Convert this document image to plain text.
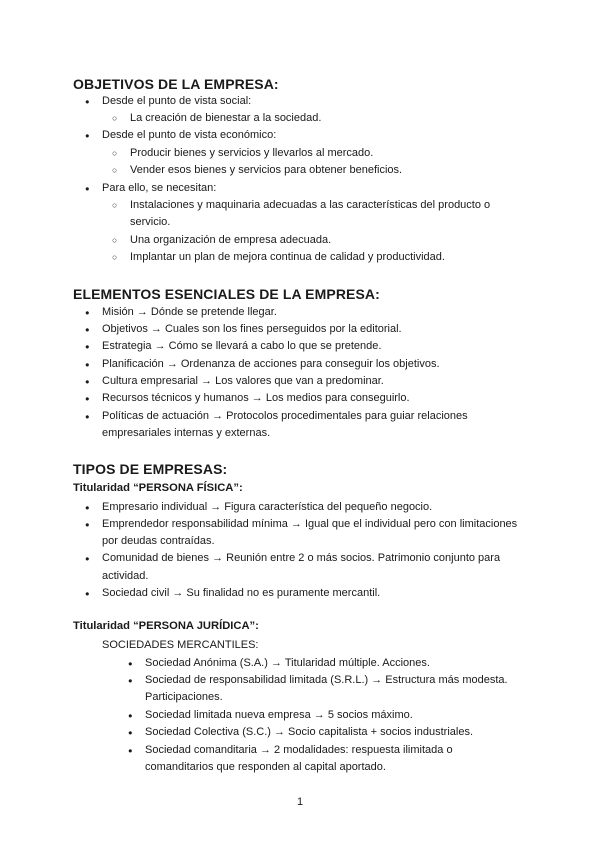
OBJETIVOS DE LA EMPRESA:
●
Desde el punto de vista social:
○
La creación de bienestar a la sociedad.
●
Desde el punto de vista económico:
○
Producir bienes y servicios y llevarlos al mercado.
○
Vender esos bienes y servicios para obtener beneficios.
●
Para ello, se necesitan:
○
Instalaciones y maquinaria adecuadas a las características del producto o
servicio.
○
Una organización de empresa adecuada.
○
Implantar un plan de mejora continua de calidad y productividad.
ELEMENTOS ESENCIALES DE LA EMPRESA:
●
Misión → Dónde se pretende llegar.
●
Objetivos → Cuales son los fines perseguidos por la editorial.
●
Estrategia → Cómo se llevará a cabo lo que se pretende.
●
Planificación → Ordenanza de acciones para conseguir los objetivos.
●
Cultura empresarial → Los valores que van a predominar.
●
Recursos técnicos y humanos → Los medios para conseguirlo.
●
Políticas de actuación → Protocolos procedimentales para guiar relaciones
empresariales internas y externas.
TIPOS DE EMPRESAS:
Titularidad “PERSONA FÍSICA”:
●
Empresario individual → Figura característica del pequeño negocio.
●
Emprendedor responsabilidad mínima → Igual que el individual pero con limitaciones
por deudas contraídas.
●
Comunidad de bienes → Reunión entre 2 o más socios. Patrimonio conjunto para
actividad.
●
Sociedad civil → Su finalidad no es puramente mercantil.
Titularidad “PERSONA JURÍDICA”:
SOCIEDADES MERCANTILES:
●
Sociedad Anónima (S.A.) → Titularidad múltiple. Acciones.
●
Sociedad de responsabilidad limitada (S.R.L.) → Estructura más modesta.
Participaciones.
●
Sociedad limitada nueva empresa → 5 socios máximo.
●
Sociedad Colectiva (S.C.) → Socio capitalista + socios industriales.
●
Sociedad comanditaria → 2 modalidades: respuesta ilimitada o
comanditarios que responden al capital aportado.
1
